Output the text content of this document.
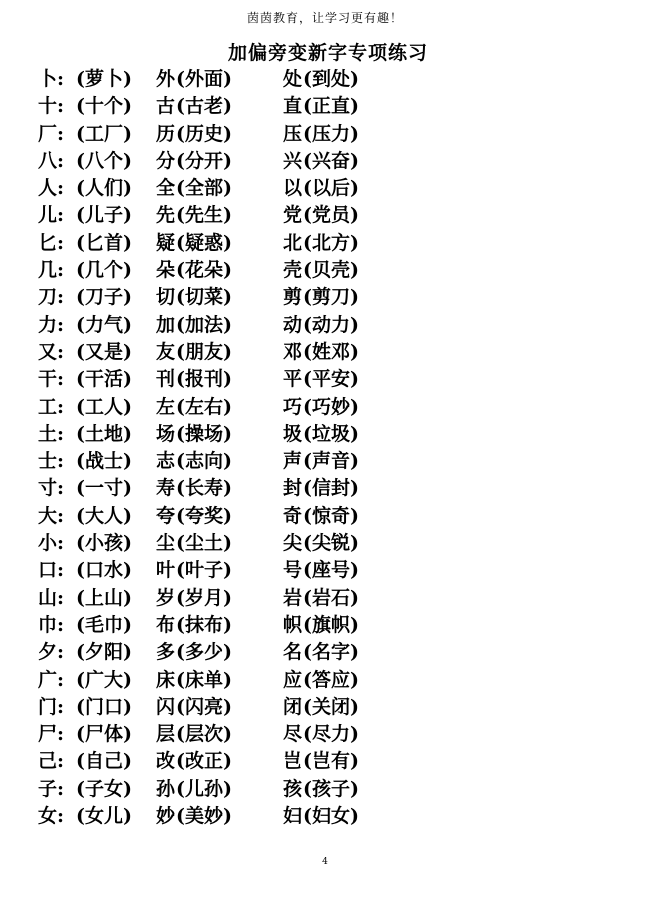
茵茵教育，让学习更有趣！
加偏旁变新字专项练习
卜: (萝卜) 外 (外面)	处 (到处)
十: (十个) 古 (古老)	直 (正直)
厂: (工厂) 历 (历史)	压 (压力)
八: (八个) 分 (分开)	兴 (兴奋)
人: (人们) 全 (全部)	以 (以后)
儿: (儿子) 先 (先生)	党 (党员)
匕: (匕首) 疑 (疑惑)	北 (北方)
几: (几个) 朵 (花朵)	壳 (贝壳)
刀: (刀子) 切 (切菜)	剪 (剪刀)
力: (力气) 加 (加法)	动 (动力)
又: (又是) 友 (朋友)	邓 (姓邓)
干: (干活) 刊 (报刊)	平 (平安)
工: (工人) 左 (左右)	巧 (巧妙)
土: (土地) 场 (操场)	圾 (垃圾)
士: (战士) 志 (志向)	声 (声音)
寸: (一寸) 寿 (长寿)	封 (信封)
大: (大人) 夸 (夸奖)	奇 (惊奇)
小: (小孩) 尘 (尘土)	尖 (尖锐)
口: (口水) 叶 (叶子)	号 (座号)
山: (上山) 岁 (岁月)	岩 (岩石)
巾: (毛巾) 布 (抹布)	帜 (旗帜)
夕: (夕阳) 多 (多少)	名 (名字)
广: (广大) 床 (床单)	应 (答应)
门: (门口) 闪 (闪亮)	闭 (关闭)
尸: (尸体) 层 (层次)	尽 (尽力)
己: (自己) 改 (改正)	岂 (岂有)
子: (子女) 孙 (儿孙)	孩 (孩子)
女: (女儿) 妙 (美妙)	妇 (妇女)
4
